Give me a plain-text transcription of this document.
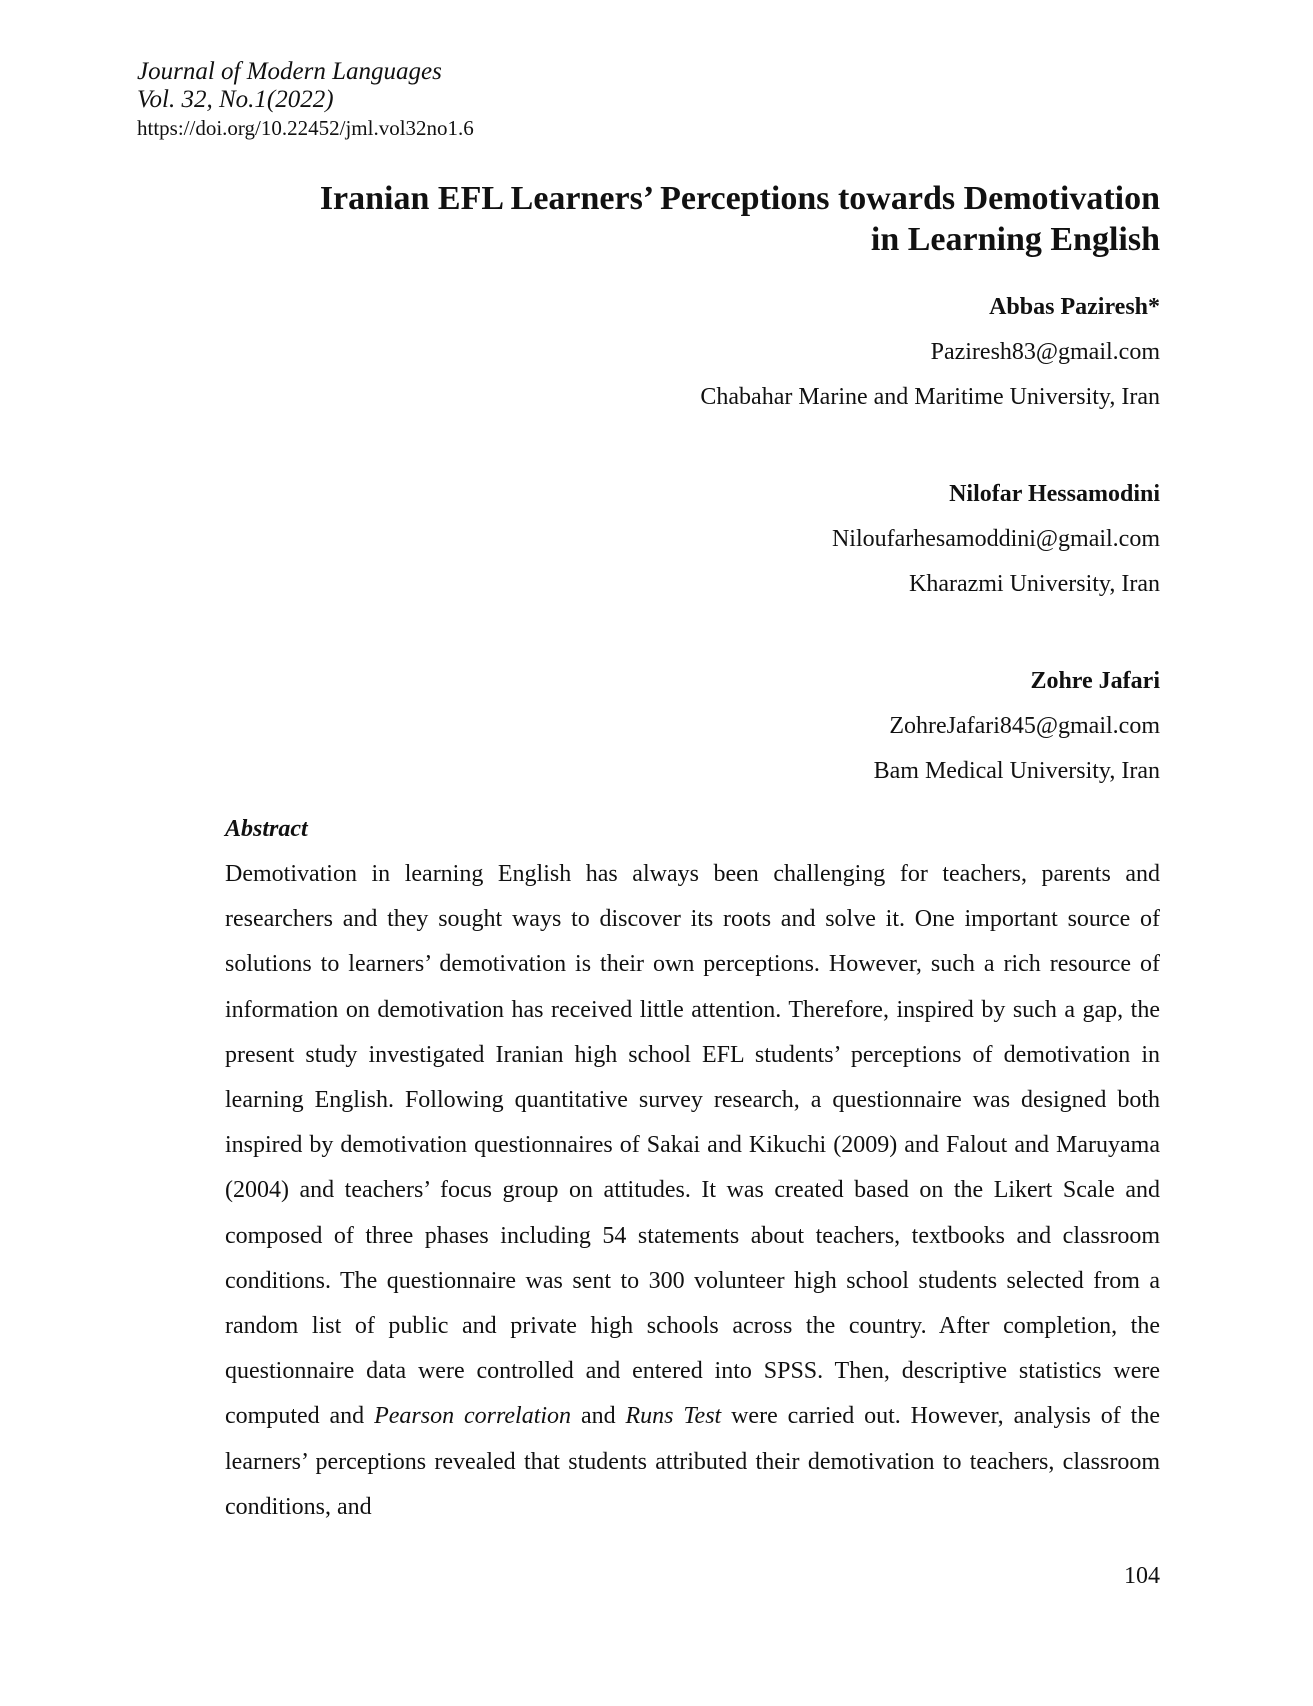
Journal of Modern Languages
Vol. 32, No.1(2022)
https://doi.org/10.22452/jml.vol32no1.6
Iranian EFL Learners’ Perceptions towards Demotivation
in Learning English
Abbas Paziresh*
Paziresh83@gmail.com
Chabahar Marine and Maritime University, Iran
Nilofar Hessamodini
Niloufarhesamoddini@gmail.com
Kharazmi University, Iran
Zohre Jafari
ZohreJafari845@gmail.com
Bam Medical University, Iran
Abstract

Demotivation in learning English has always been challenging for teachers, parents and researchers and they sought ways to discover its roots and solve it. One important source of solutions to learners’ demotivation is their own perceptions. However, such a rich resource of information on demotivation has received little attention. Therefore, inspired by such a gap, the present study investigated Iranian high school EFL students’ perceptions of demotivation in learning English. Following quantitative survey research, a questionnaire was designed both inspired by demotivation questionnaires of Sakai and Kikuchi (2009) and Falout and Maruyama (2004) and teachers’ focus group on attitudes. It was created based on the Likert Scale and composed of three phases including 54 statements about teachers, textbooks and classroom conditions. The questionnaire was sent to 300 volunteer high school students selected from a random list of public and private high schools across the country. After completion, the questionnaire data were controlled and entered into SPSS. Then, descriptive statistics were computed and Pearson correlation and Runs Test were carried out. However, analysis of the learners’ perceptions revealed that students attributed their demotivation to teachers, classroom conditions, and

104
